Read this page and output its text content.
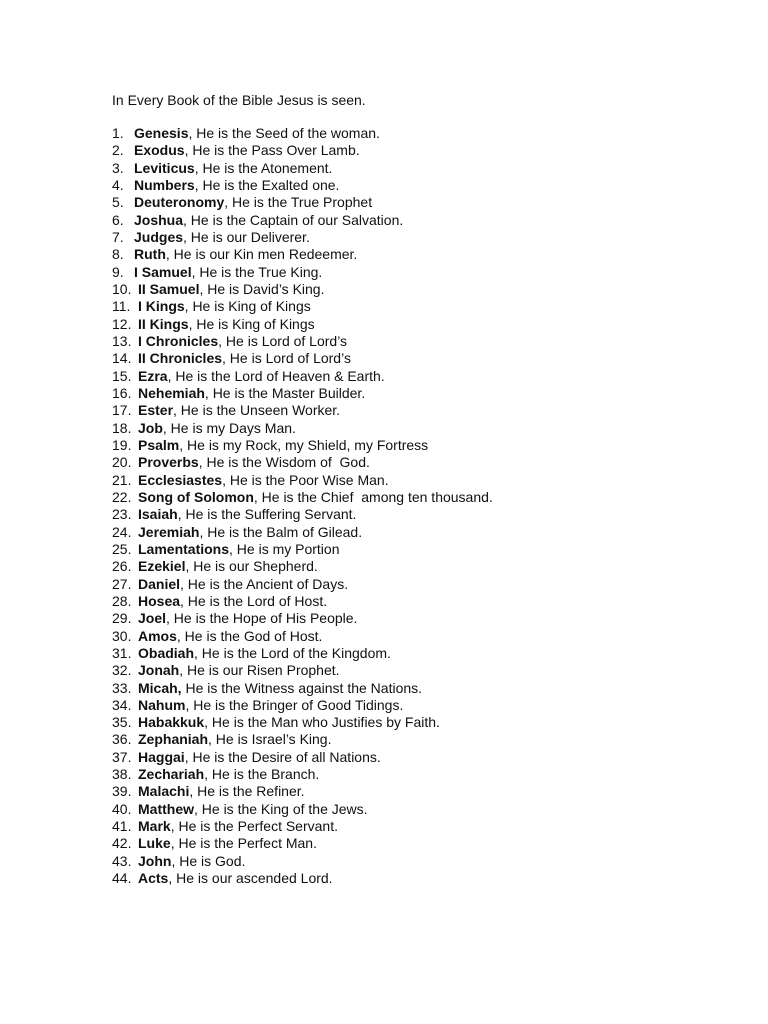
In Every Book of the Bible Jesus is seen.
1. Genesis, He is the Seed of the woman.
2. Exodus, He is the Pass Over Lamb.
3. Leviticus, He is the Atonement.
4. Numbers, He is the Exalted one.
5. Deuteronomy, He is the True Prophet
6. Joshua, He is the Captain of our Salvation.
7. Judges, He is our Deliverer.
8. Ruth, He is our Kin men Redeemer.
9. I Samuel, He is the True King.
10. II Samuel, He is David’s King.
11. I Kings, He is King of Kings
12. II Kings, He is King of Kings
13. I Chronicles, He is Lord of Lord’s
14. II Chronicles, He is Lord of Lord’s
15. Ezra, He is the Lord of Heaven & Earth.
16. Nehemiah, He is the Master Builder.
17. Ester, He is the Unseen Worker.
18. Job, He is my Days Man.
19. Psalm, He is my Rock, my Shield, my Fortress
20. Proverbs, He is the Wisdom of  God.
21. Ecclesiastes, He is the Poor Wise Man.
22. Song of Solomon, He is the Chief  among ten thousand.
23. Isaiah, He is the Suffering Servant.
24. Jeremiah, He is the Balm of Gilead.
25. Lamentations, He is my Portion
26. Ezekiel, He is our Shepherd.
27. Daniel, He is the Ancient of Days.
28. Hosea, He is the Lord of Host.
29. Joel, He is the Hope of His People.
30. Amos, He is the God of Host.
31. Obadiah, He is the Lord of the Kingdom.
32. Jonah, He is our Risen Prophet.
33. Micah, He is the Witness against the Nations.
34. Nahum, He is the Bringer of Good Tidings.
35. Habakkuk, He is the Man who Justifies by Faith.
36. Zephaniah, He is Israel’s King.
37. Haggai, He is the Desire of all Nations.
38. Zechariah, He is the Branch.
39. Malachi, He is the Refiner.
40. Matthew, He is the King of the Jews.
41. Mark, He is the Perfect Servant.
42. Luke, He is the Perfect Man.
43. John, He is God.
44. Acts, He is our ascended Lord.
